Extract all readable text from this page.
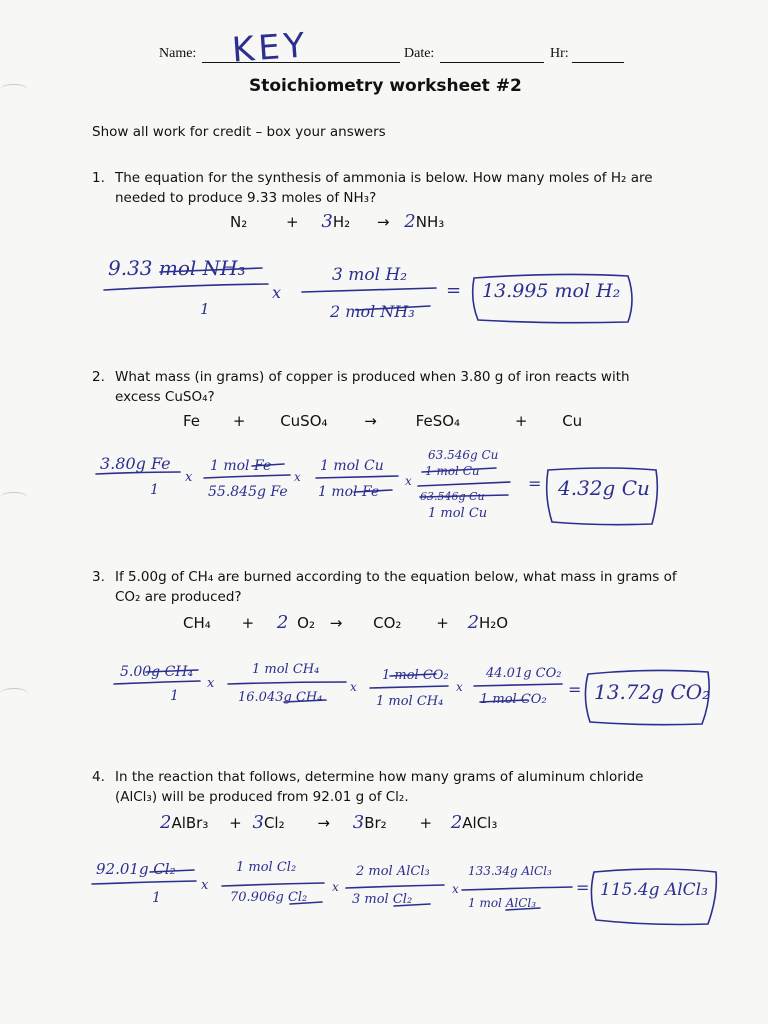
Name: KEY	Date:	Hr:
Stoichiometry worksheet #2
Show all work for credit – box your answers
1. The equation for the synthesis of ammonia is below. How many moles of H₂ are needed to produce 9.33 moles of NH₃?
N₂	+ 3H₂ → 2NH₃
9.33 mol NH₃
1
x
3 mol H₂
2 mol NH₃
= 13.995 mol H₂
2. What mass (in grams) of copper is produced when 3.80 g of iron reacts with excess CuSO₄?
Fe + CuSO₄ →	FeSO₄	+ Cu
3.80g Fe
1
x
1 mol Fe
55.845g Fe
x
1 mol Cu
1 mol Fe
x
63.546g Cu
1 mol Cu
63.546g Cu
1 mol Cu
= 4.32g Cu
3. If 5.00g of CH₄ are burned according to the equation below, what mass in grams of CO₂ are produced?
CH₄ + 2 O₂ → CO₂ + 2H₂O
5.00g CH₄
1
x
1 mol CH₄
16.043g CH₄
x
1 mol CO₂
1 mol CH₄
x
44.01g CO₂
1 mol CO₂
= 13.72g CO₂
4. In the reaction that follows, determine how many grams of aluminum chloride (AlCl₃) will be produced from 92.01 g of Cl₂.
2AlBr₃ + 3Cl₂ → 3Br₂ + 2AlCl₃
92.01g Cl₂
1
x
1 mol Cl₂
70.906g Cl₂
x
2 mol AlCl₃
3 mol Cl₂
x
133.34g AlCl₃
1 mol AlCl₃
= 115.4g AlCl₃
